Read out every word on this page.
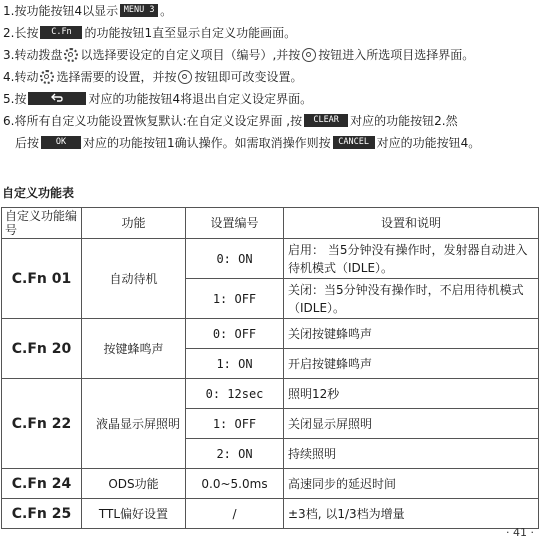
1.按功能按钮4以显示 MENU 3 。
2.长按 C.Fn 的功能按钮1直至显示自定义功能画面。
3.转动拨盘 以选择要设定的自定义项目（编号）,并按 按钮进入所选项目选择界面。
4.转动 选择需要的设置，并按 按钮即可改变设置。
5.按	对应的功能按钮4将退出自定义设定界面。
6.将所有自定义功能设置恢复默认:在自定义设定界面 ,按 CLEAR 对应的功能按钮2.然
后按 OK 对应的功能按钮1确认操作。如需取消操作则按 CANCEL 对应的功能按钮4。
自定义功能表
自定义功能编号	功能	设置编号	设置和说明
C.Fn 01	自动待机	0: ON	启用： 当5分钟没有操作时，发射器自动进入待机模式（IDLE）。
		1: OFF	关闭：当5分钟没有操作时，不启用待机模式（IDLE）。
C.Fn 20	按键蜂鸣声	0: OFF	关闭按键蜂鸣声
		1: ON	开启按键蜂鸣声
C.Fn 22	液晶显示屏照明	0: 12sec	照明12秒
		1: OFF	关闭显示屏照明
		2: ON	持续照明
C.Fn 24	ODS功能	0.0~5.0ms	高速同步的延迟时间
C.Fn 25	TTL偏好设置	/	±3档, 以1/3档为增量
· 41 ·
